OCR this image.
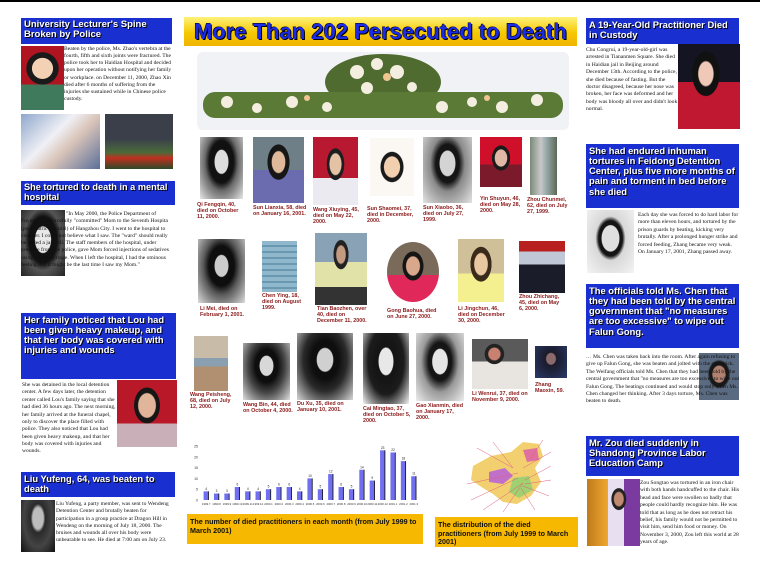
University Lecturer's Spine Broken by Police
Beaten by the police, Ms. Zhao's vertebra at the fourth, fifth and sixth joints were fractured. The police took her to Haidian Hospital and decided upon her operation without notifying her family or workplace. on December 11, 2000, Zhao Xin died after 6 months of suffering from the injuries she sustained while in Chinese police custody.
She tortured to death in a mental hospital
"In May 2000, the Police Department of Fuyang City forcefully "committed" Mom to the Seventh Hospita (psychiatric hospital) of Hangzhou City. I went to the hospital to visit her. I could not believe what I saw. The "ward" should really be called a jail cell. The staff members of the hospital, under pressure from the police, gave Mom forced injections of sedatives using a large syringe. When I left the hospital, I had the ominous feeling that it might be the last time I saw my Mom."
Her family noticed that Lou had been given heavy makeup, and that her body was covered with injuries and wounds
She was detained in the local detention center. A few days later, the detention center called Lou's family saying that she had died 36 hours ago. The next morning, her family arrived at the funeral chapel, only to discover the place filled with police. They also noticed that Lou had been given heavy makeup, and that her body was covered with injuries and wounds.
Liu Yufeng, 64, was beaten to death
Liu Yufeng, a party member, was sent to Wendeng Detention Center and brutally beaten for participation in a group practice at Dragon Hill in Wendeng on the morning of July 18, 2000. The bruises and wounds all over his body were unbearable to see. He died at 7:00 am on July 23.
More Than 202 Persecuted to Death
Qi Fengqin, 40, died on October 11, 2000.
Sun Lianxia, 58, died on January 16, 2001.
Wang Xiuying, 45, died on May 22, 2000.
Sun Shaomei, 37, died in December, 2000.
Sun Xiaobo, 36, died on July 27, 1999.
Yin Shuyun, 46, died on May 28, 2000.
Zhou Chunmei, 62, died on July 27, 1999.
Li Mei, died on February 1, 2001.
Chen Ying, 18, died on August 1999.	Tian Baozhen, over 40, died on December 11, 2000.
Gong Baohua, died on June 27, 2000.
Li Jingchun, 46, died on December 30, 2000.
Zhou Zhichang, 45, died on May 6, 2000.
Wang Peisheng, 68, died on July 12, 2000.	Wang Bin, 44, died on October 4, 2000.
Du Xu, 35, died on January 10, 2001.	Cai Mingtao, 37, died on October 5, 2000.
Gao Xianmin, died on January 17, 2000.
Li Wenrui, 37, died on November 9, 2000.
Zhang Maoxin, 59.
0
5
10
15
20
25
4
1999.7
3
1999.8
3
1999.9
6
1999.10
4
1999.11
4
1999.12
5
2000.1
6
2000.2
6
2000.3
4
2000.4
10
2000.5
5
2000.6
12
2000.7
6
2000.8
5
2000.9
14
2000.10
9
2000.11
23
2000.12
22
2001.1
18
2001.2
11
2001.3
The number of died practitioners in each month (from July 1999 to March 2001)
The distribution of the died practitioners (from July 1999 to March 2001)
A 19-Year-Old Practitioner Died in Custody
Chu Congrui, a 19-year-old-girl was arrested in Tiananmen Square. She died in Haidian jail in Beijing around December 13th. According to the police, she died because of fasting. But the doctor disagreed, because her nose was broken, her face was deformed and her body was bloody all over and didn't look normal.
She had endured inhuman tortures in Feidong Detention Center, plus five more months of pain and torment in bed before she died
Each day she was forced to do hard labor for more than eleven hours, and tortured by the prison guards by beating, kicking very brutally. After a prolonged hunger strike and forced feeding, Zhang became very weak. On January 17, 2001, Zhang passed away.
The officials told Ms. Chen that they had been told by the central government that "no measures are too excessive" to wipe out Falun Gong.
… Ms. Chen was taken back into the room. After again refusing to give up Falun Gong, she was beaten and jolted with the stun stick. The Weifang officials told Ms. Chen that they had been told by the central government that "no measures are too excessive" to wipe out Falun Gong. The beatings continued and would stop only when Ms. Chen changed her thinking. After 3 days torture, Ms. Chen was beaten to death.
Mr. Zou died suddenly in Shandong Province Labor Education Camp
Zou Songtao was tortured in an iron chair with both hands handcuffed to the chair. His head and face were swollen so badly that people could hardly recognize him. He was told that as long as he does not retract his belief, his family would not be permitted to visit him, send him food or money. On November 3, 2000, Zou left this world at 28 years of age.
